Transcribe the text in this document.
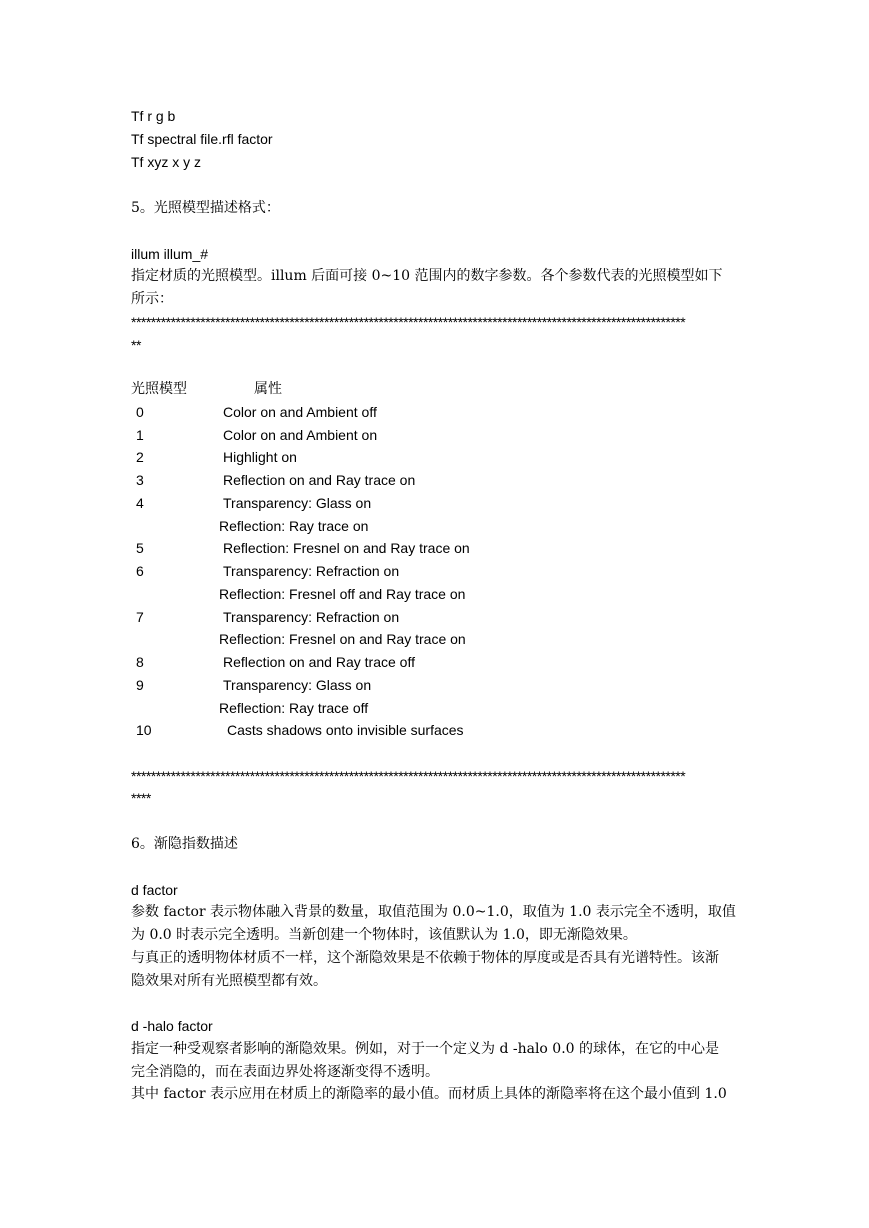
Tf r g b
Tf spectral file.rfl factor
Tf xyz x y z
5。光照模型描述格式：
illum illum_#
指定材质的光照模型。illum 后面可接 0~10 范围内的数字参数。各个参数代表的光照模型如下
所示：
****************************************************************************************************************
**
光照模型	属性
0	Color on and Ambient off
1	Color on and Ambient on
2	Highlight on
3	Reflection on and Ray trace on
4	Transparency: Glass on
Reflection: Ray trace on
5	Reflection: Fresnel on and Ray trace on
6	Transparency: Refraction on
Reflection: Fresnel off and Ray trace on
7	Transparency: Refraction on
Reflection: Fresnel on and Ray trace on
8	Reflection on and Ray trace off
9	Transparency: Glass on
Reflection: Ray trace off
10	Casts shadows onto invisible surfaces
****************************************************************************************************************
****
6。渐隐指数描述
d factor
参数 factor 表示物体融入背景的数量，取值范围为 0.0~1.0，取值为 1.0 表示完全不透明，取值
为 0.0 时表示完全透明。当新创建一个物体时，该值默认为 1.0，即无渐隐效果。
与真正的透明物体材质不一样，这个渐隐效果是不依赖于物体的厚度或是否具有光谱特性。该渐
隐效果对所有光照模型都有效。
d -halo factor
指定一种受观察者影响的渐隐效果。例如，对于一个定义为 d -halo 0.0 的球体，在它的中心是
完全消隐的，而在表面边界处将逐渐变得不透明。
其中 factor 表示应用在材质上的渐隐率的最小值。而材质上具体的渐隐率将在这个最小值到 1.0
